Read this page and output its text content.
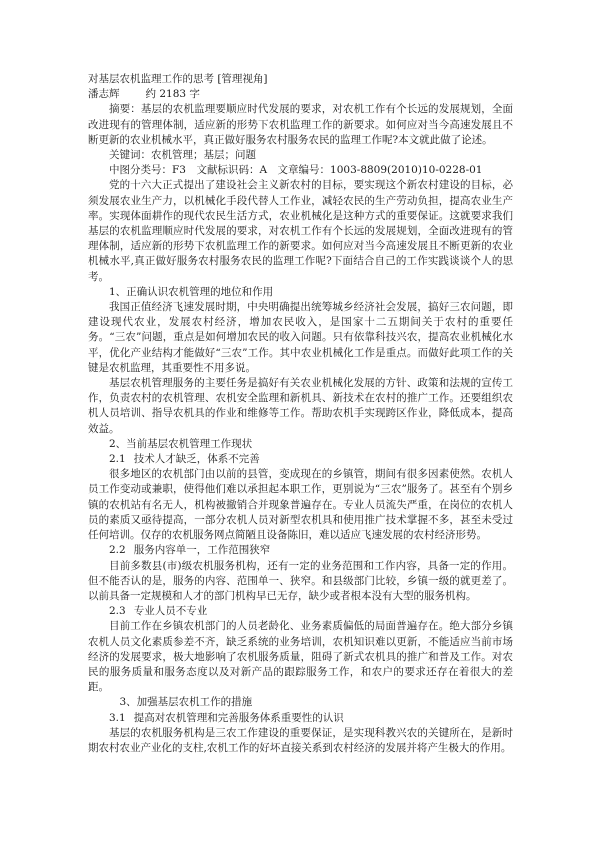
对基层农机监理工作的思考 [管理视角]

潘志辉 约 2183 字

摘要：基层的农机监理要顺应时代发展的要求，对农机工作有个长远的发展规划，全面改进现有的管理体制，适应新的形势下农机监理工作的新要求。如何应对当今高速发展且不断更新的农业机械水平，真正做好服务农村服务农民的监理工作呢?本文就此做了论述。

关键词：农机管理；基层；问题

中图分类号：F3　文献标识码：A　文章编号：1003-8809(2010)10-0228-01

党的十六大正式提出了建设社会主义新农村的目标，要实现这个新农村建设的目标，必须发展农业生产力，以机械化手段代替人工作业，减轻农民的生产劳动负担，提高农业生产率。实现体面耕作的现代农民生活方式，农业机械化是这种方式的重要保证。这就要求我们基层的农机监理顺应时代发展的要求，对农机工作有个长远的发展规划，全面改进现有的管理体制，适应新的形势下农机监理工作的新要求。如何应对当今高速发展且不断更新的农业机械水平,真正做好服务农村服务农民的监理工作呢?下面结合自己的工作实践谈谈个人的思考。

1、正确认识农机管理的地位和作用

我国正值经济飞速发展时期，中央明确提出统筹城乡经济社会发展，搞好三农问题，即建设现代农业，发展农村经济，增加农民收入，是国家十二五期间关于农村的重要任务。“三农”问题，重点是如何增加农民的收入问题。只有依靠科技兴农，提高农业机械化水平，优化产业结构才能做好“三农”工作。其中农业机械化工作是重点。而做好此项工作的关键是农机监理，其重要性不用多说。

基层农机管理服务的主要任务是搞好有关农业机械化发展的方针、政策和法规的宣传工作，负责农村的农机管理、农机安全监理和新机具、新技术在农村的推广工作。还要组织农机人员培训、指导农机具的作业和维修等工作。帮助农机手实现跨区作业，降低成本，提高效益。

2、当前基层农机管理工作现状

2.1 技术人才缺乏，体系不完善

很多地区的农机部门由以前的县管，变成现在的乡镇管，期间有很多因素使然。农机人员工作变动或兼职，使得他们难以承担起本职工作，更别说为“三农”服务了。甚至有个别乡镇的农机站有名无人，机构被撤销合并现象普遍存在。专业人员流失严重，在岗位的农机人员的素质又亟待提高，一部分农机人员对新型农机具和使用推广技术掌握不多，甚至未受过任何培训。仅存的农机服务网点简陋且设备陈旧，难以适应飞速发展的农村经济形势。

2.2 服务内容单一，工作范围狭窄

目前多数县(市)级农机服务机构，还有一定的业务范围和工作内容，具备一定的作用。但不能否认的是，服务的内容、范围单一、狭窄。和县级部门比较，乡镇一级的就更差了。以前具备一定规模和人才的部门机构早已无存，缺少或者根本没有大型的服务机构。

2.3 专业人员不专业

目前工作在乡镇农机部门的人员老龄化、业务素质偏低的局面普遍存在。绝大部分乡镇农机人员文化素质参差不齐，缺乏系统的业务培训，农机知识难以更新，不能适应当前市场经济的发展要求，极大地影响了农机服务质量，阻碍了新式农机具的推广和普及工作。对农民的服务质量和服务态度以及对新产品的跟踪服务工作，和农户的要求还存在着很大的差距。

3、加强基层农机工作的措施

3.1 提高对农机管理和完善服务体系重要性的认识

基层的农机服务机构是三农工作建设的重要保证，是实现科教兴农的关键所在，是新时期农村农业产业化的支柱,农机工作的好坏直接关系到农村经济的发展并将产生极大的作用。
